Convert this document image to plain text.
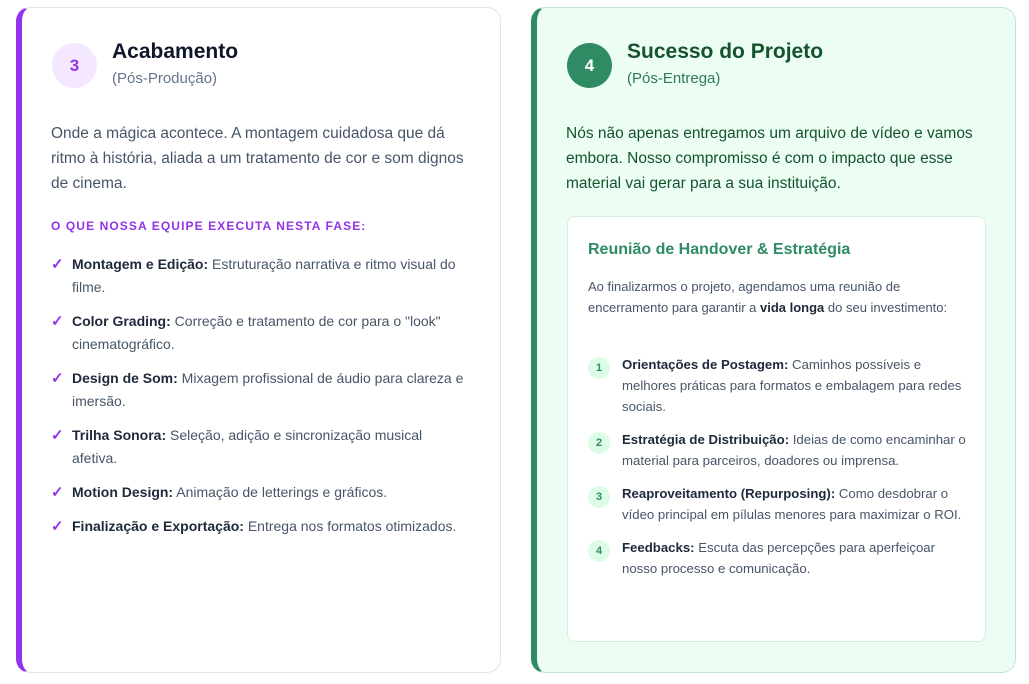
3
Acabamento
(Pós-Produção)

Onde a mágica acontece. A montagem cuidadosa que dá ritmo à história, aliada a um tratamento de cor e som dignos de cinema.

O QUE NOSSA EQUIPE EXECUTA NESTA FASE:
✓ Montagem e Edição: Estruturação narrativa e ritmo visual do filme.
✓ Color Grading: Correção e tratamento de cor para o "look" cinematográfico.
✓ Design de Som: Mixagem profissional de áudio para clareza e imersão.
✓ Trilha Sonora: Seleção, adição e sincronização musical afetiva.
✓ Motion Design: Animação de letterings e gráficos.
✓ Finalização e Exportação: Entrega nos formatos otimizados.
4
Sucesso do Projeto
(Pós-Entrega)

Nós não apenas entregamos um arquivo de vídeo e vamos embora. Nosso compromisso é com o impacto que esse material vai gerar para a sua instituição.

Reunião de Handover & Estratégia

Ao finalizarmos o projeto, agendamos uma reunião de encerramento para garantir a vida longa do seu investimento:

1	Orientações de Postagem: Caminhos possíveis e melhores práticas para formatos e embalagem para redes sociais.
2	Estratégia de Distribuição: Ideias de como encaminhar o material para parceiros, doadores ou imprensa.
3	Reaproveitamento (Repurposing): Como desdobrar o vídeo principal em pílulas menores para maximizar o ROI.
4	Feedbacks: Escuta das percepções para aperfeiçoar nosso processo e comunicação.
